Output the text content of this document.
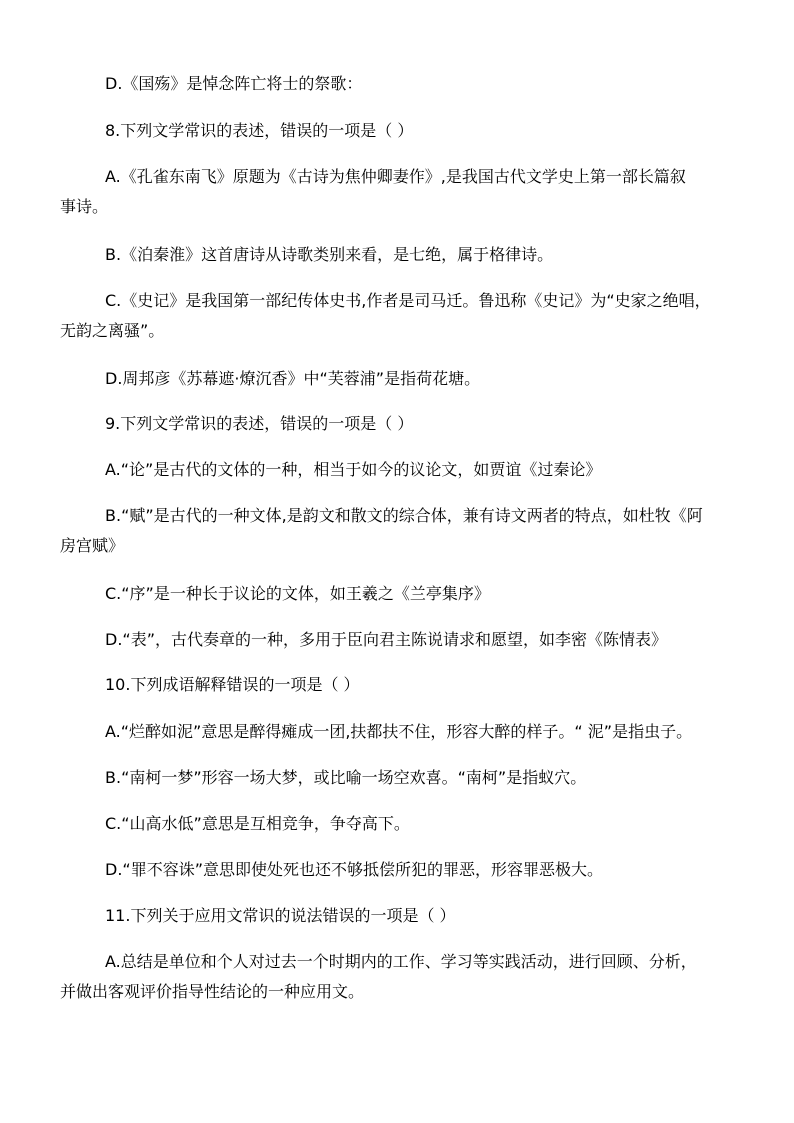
D.《国殇》是悼念阵亡将士的祭歌：
8.下列文学常识的表述，错误的一项是（ ）
A.《孔雀东南飞》原题为《古诗为焦仲卿妻作》,是我国古代文学史上第一部长篇叙
事诗。
B.《泊秦淮》这首唐诗从诗歌类别来看，是七绝，属于格律诗。
C.《史记》是我国第一部纪传体史书,作者是司马迁。鲁迅称《史记》为“史家之绝唱，
无韵之离骚”。
D.周邦彦《苏幕遮·燎沉香》中“芙蓉浦”是指荷花塘。
9.下列文学常识的表述，错误的一项是（ ）
A.“论”是古代的文体的一种，相当于如今的议论文，如贾谊《过秦论》
B.“赋”是古代的一种文体,是韵文和散文的综合体，兼有诗文两者的特点，如杜牧《阿
房宫赋》
C.“序”是一种长于议论的文体，如王羲之《兰亭集序》
D.“表”，古代奏章的一种，多用于臣向君主陈说请求和愿望，如李密《陈情表》
10.下列成语解释错误的一项是（ ）
A.“烂醉如泥”意思是醉得瘫成一团,扶都扶不住，形容大醉的样子。“ 泥”是指虫子。
B.“南柯一梦”形容一场大梦，或比喻一场空欢喜。“南柯”是指蚁穴。
C.“山高水低”意思是互相竞争，争夺高下。
D.“罪不容诛”意思即使处死也还不够抵偿所犯的罪恶，形容罪恶极大。
11.下列关于应用文常识的说法错误的一项是（ ）
A.总结是单位和个人对过去一个时期内的工作、学习等实践活动，进行回顾、分析，
并做出客观评价指导性结论的一种应用文。
